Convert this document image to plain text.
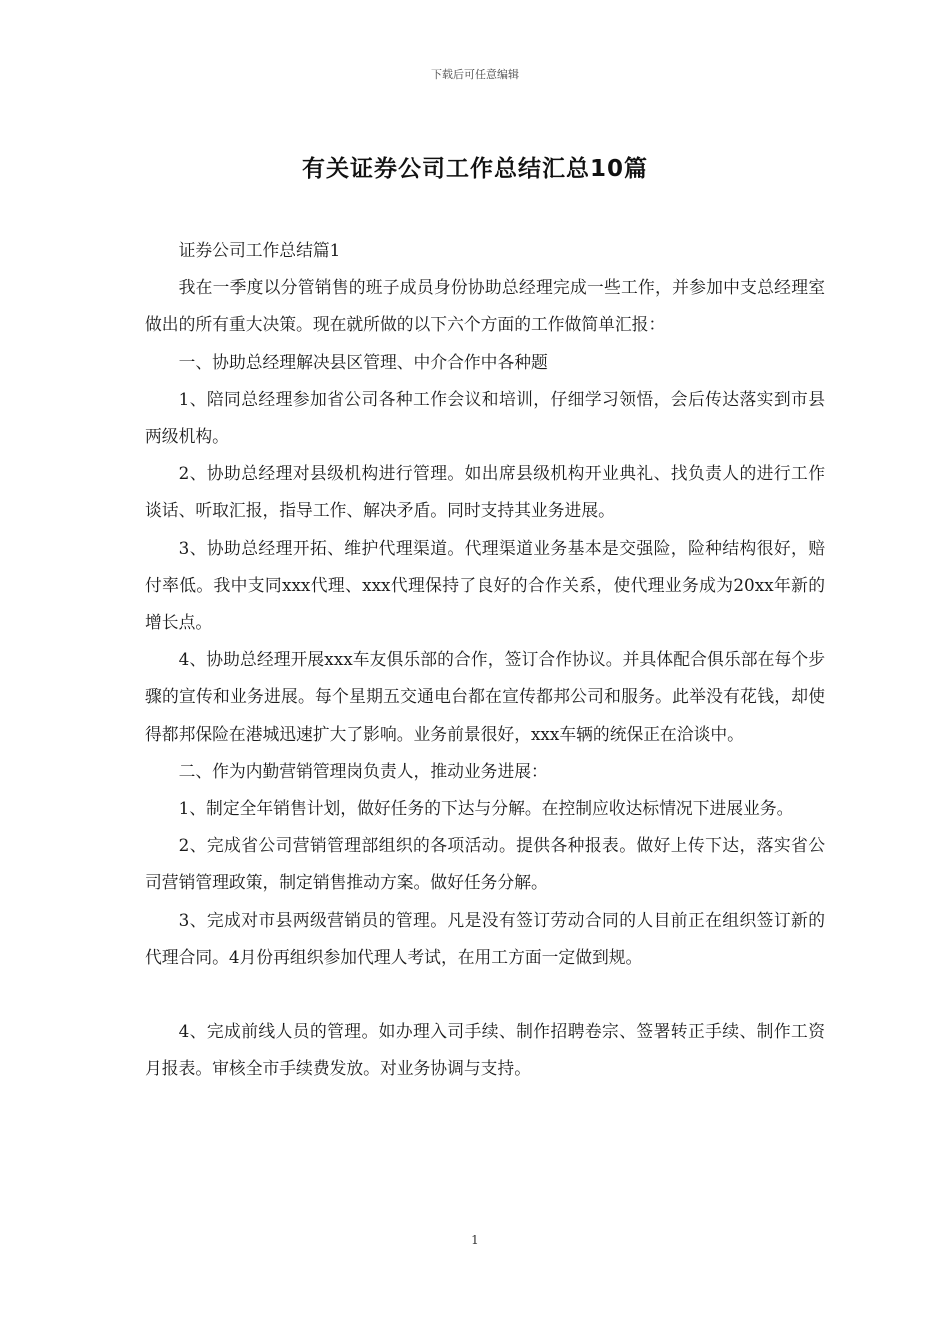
下载后可任意编辑
有关证券公司工作总结汇总10篇

证券公司工作总结篇1

我在一季度以分管销售的班子成员身份协助总经理完成一些工作，并参加中支总经理室做出的所有重大决策。现在就所做的以下六个方面的工作做简单汇报：

一、协助总经理解决县区管理、中介合作中各种题

1、陪同总经理参加省公司各种工作会议和培训，仔细学习领悟，会后传达落实到市县两级机构。

2、协助总经理对县级机构进行管理。如出席县级机构开业典礼、找负责人的进行工作谈话、听取汇报，指导工作、解决矛盾。同时支持其业务进展。

3、协助总经理开拓、维护代理渠道。代理渠道业务基本是交强险，险种结构很好，赔付率低。我中支同xxx代理、xxx代理保持了良好的合作关系，使代理业务成为20xx年新的增长点。

4、协助总经理开展xxx车友俱乐部的合作，签订合作协议。并具体配合俱乐部在每个步骤的宣传和业务进展。每个星期五交通电台都在宣传都邦公司和服务。此举没有花钱，却使得都邦保险在港城迅速扩大了影响。业务前景很好，xxx车辆的统保正在洽谈中。

二、作为内勤营销管理岗负责人，推动业务进展：

1、制定全年销售计划，做好任务的下达与分解。在控制应收达标情况下进展业务。

2、完成省公司营销管理部组织的各项活动。提供各种报表。做好上传下达，落实省公司营销管理政策，制定销售推动方案。做好任务分解。

3、完成对市县两级营销员的管理。凡是没有签订劳动合同的人目前正在组织签订新的代理合同。4月份再组织参加代理人考试，在用工方面一定做到规。

4、完成前线人员的管理。如办理入司手续、制作招聘卷宗、签署转正手续、制作工资月报表。审核全市手续费发放。对业务协调与支持。

1
